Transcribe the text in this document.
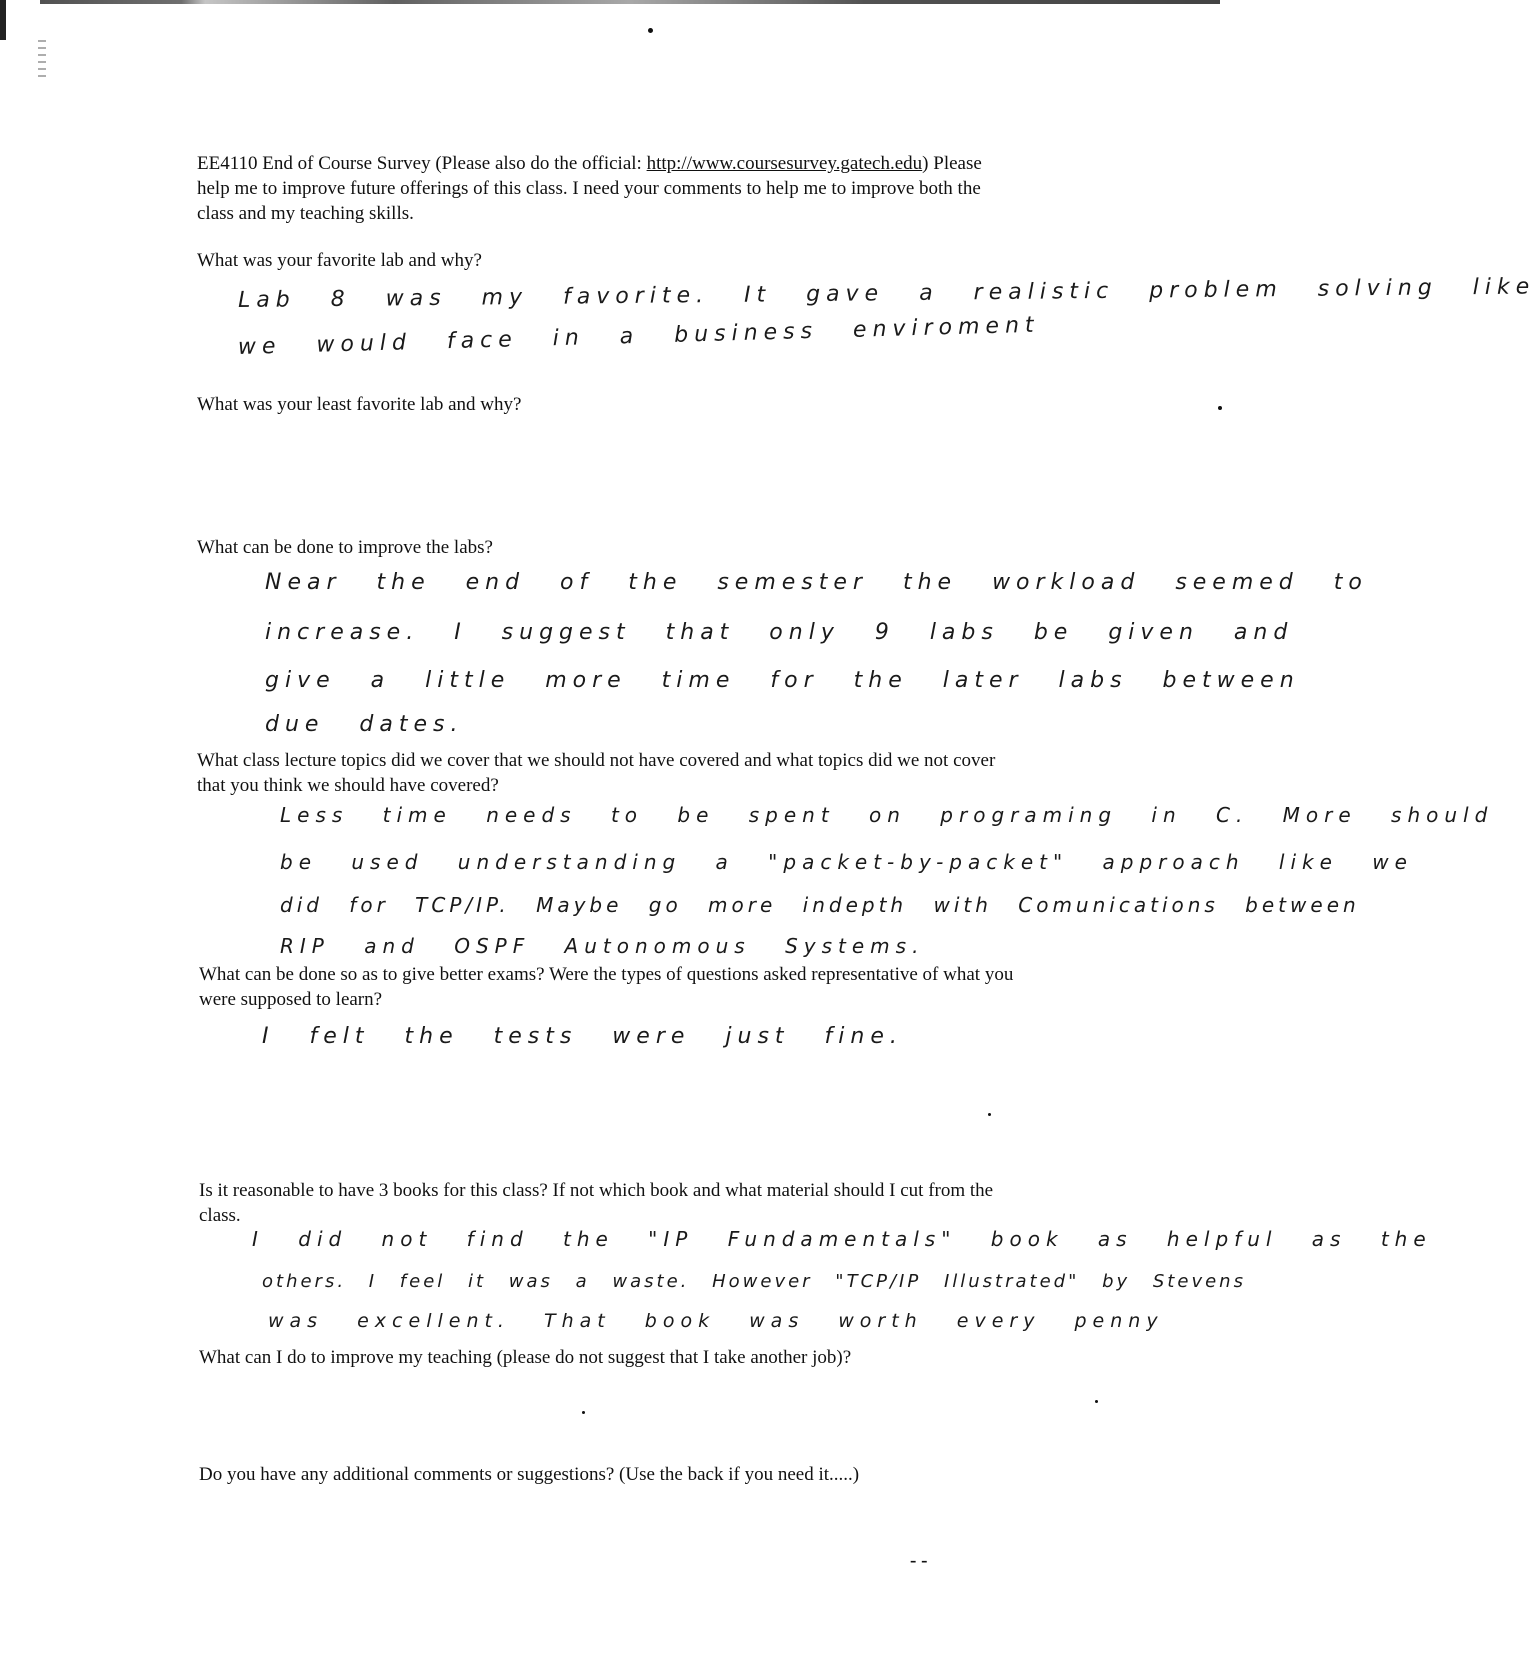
EE4110 End of Course Survey (Please also do the official: http://www.coursesurvey.gatech.edu) Please
help me to improve future offerings of this class. I need your comments to help me to improve both the
class and my teaching skills.
What was your favorite lab and why?
Lab 8 was my favorite. It gave a realistic problem solving like
we would face in a business enviroment
What was your least favorite lab and why?
What can be done to improve the labs?
Near the end of the semester the workload seemed to
increase. I suggest that only 9 labs be given and
give a little more time for the later labs between
due dates.
What class lecture topics did we cover that we should not have covered and what topics did we not cover
that you think we should have covered?
Less time needs to be spent on programing in C. More should
be used understanding a "packet-by-packet" approach like we
did for TCP/IP. Maybe go more indepth with Comunications between
RIP and OSPF Autonomous Systems.
What can be done so as to give better exams? Were the types of questions asked representative of what you
were supposed to learn?
I felt the tests were just fine.
Is it reasonable to have 3 books for this class? If not which book and what material should I cut from the
class.
I did not find the "IP Fundamentals" book as helpful as the
others. I feel it was a waste. However "TCP/IP Illustrated" by Stevens
was excellent. That book was worth every penny
What can I do to improve my teaching (please do not suggest that I take another job)?
Do you have any additional comments or suggestions? (Use the back if you need it.....)
- -
